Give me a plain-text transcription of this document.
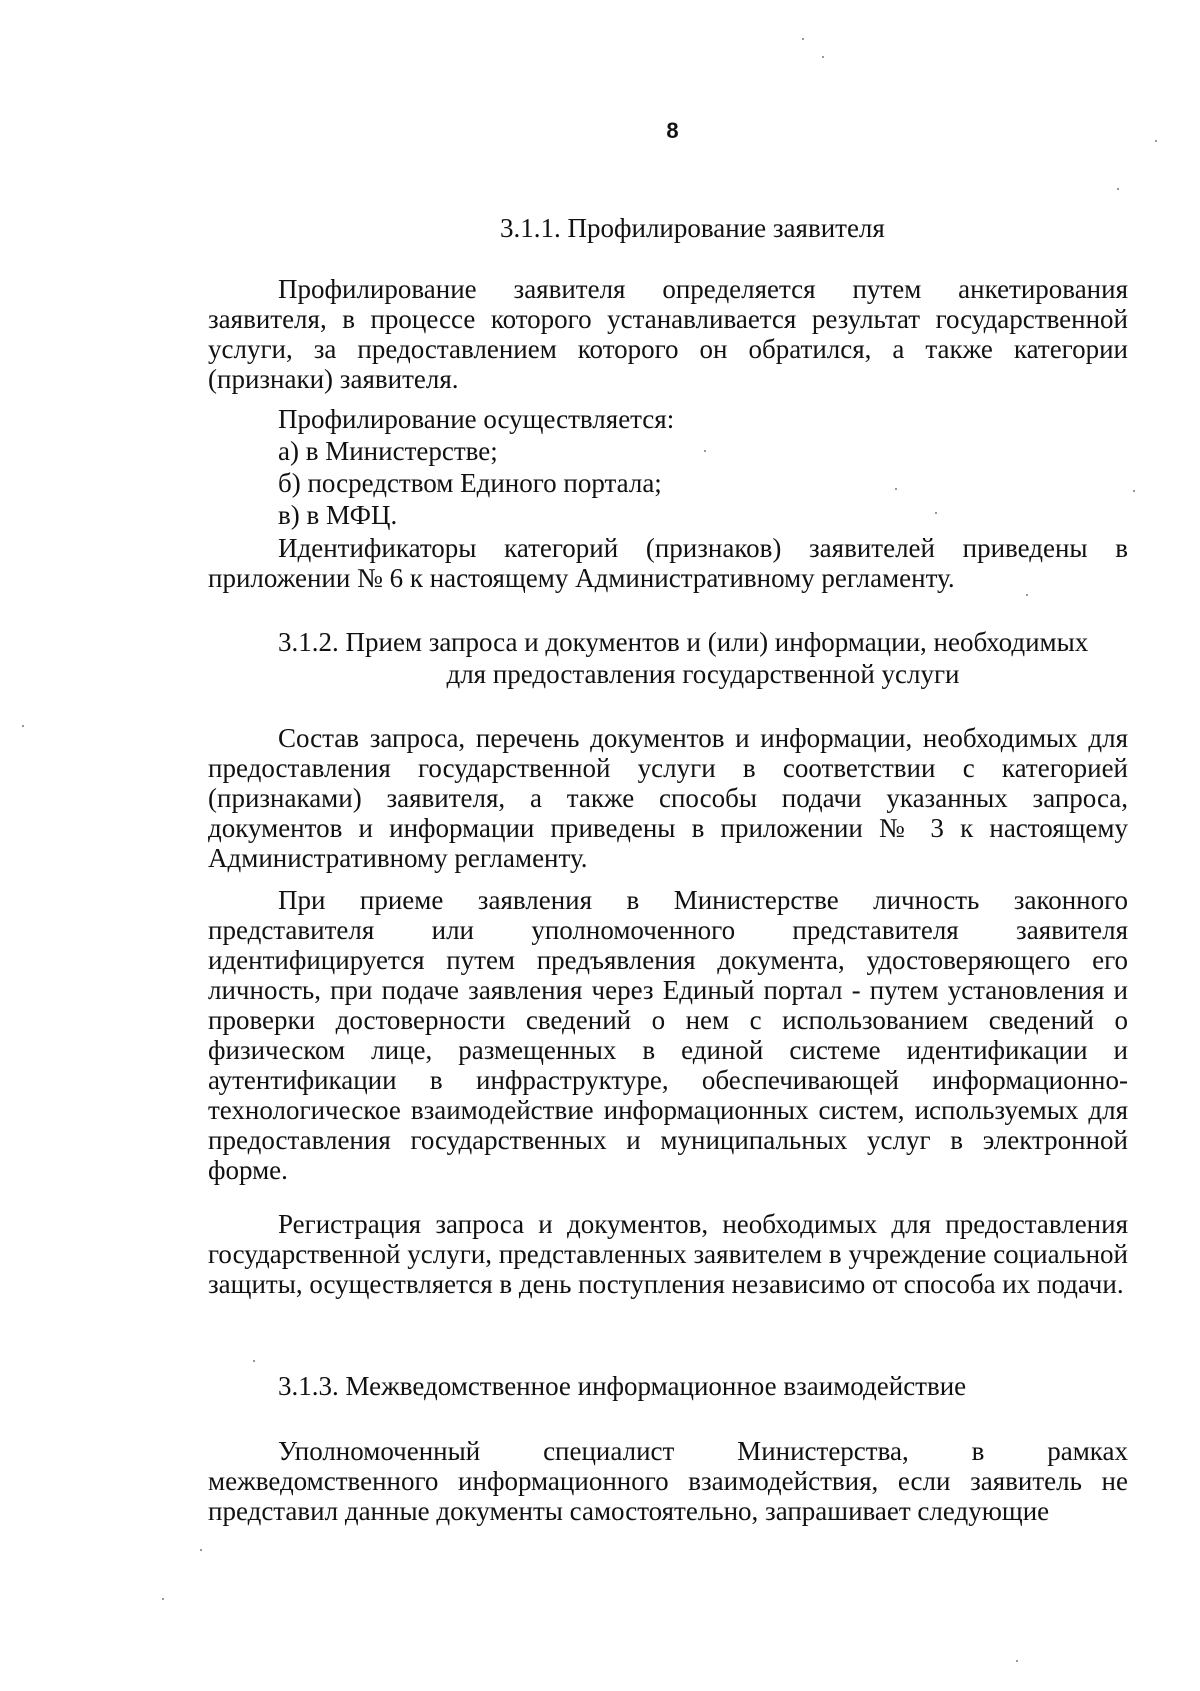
8
3.1.1. Профилирование заявителя
Профилирование заявителя определяется путем анкетирования заявителя, в процессе которого устанавливается результат государственной услуги, за предоставлением которого он обратился, а также категории (признаки) заявителя.
Профилирование осуществляется:
а) в Министерстве;
б) посредством Единого портала;
в) в МФЦ.
Идентификаторы категорий (признаков) заявителей приведены в приложении № 6 к настоящему Административному регламенту.
3.1.2. Прием запроса и документов и (или) информации, необходимых
для предоставления государственной услуги
Состав запроса, перечень документов и информации, необходимых для предоставления государственной услуги в соответствии с категорией (признаками) заявителя, а также способы подачи указанных запроса, документов и информации приведены в приложении № 3 к настоящему Административному регламенту.
При приеме заявления в Министерстве личность законного представителя или уполномоченного представителя заявителя идентифицируется путем предъявления документа, удостоверяющего его личность, при подаче заявления через Единый портал - путем установления и проверки достоверности сведений о нем с использованием сведений о физическом лице, размещенных в единой системе идентификации и аутентификации в инфраструктуре, обеспечивающей информационно-технологическое взаимодействие информационных систем, используемых для предоставления государственных и муниципальных услуг в электронной форме.
Регистрация запроса и документов, необходимых для предоставления государственной услуги, представленных заявителем в учреждение социальной защиты, осуществляется в день поступления независимо от способа их подачи.
3.1.3. Межведомственное информационное взаимодействие
Уполномоченный специалист Министерства, в рамках межведомственного информационного взаимодействия, если заявитель не представил данные документы самостоятельно, запрашивает следующие
